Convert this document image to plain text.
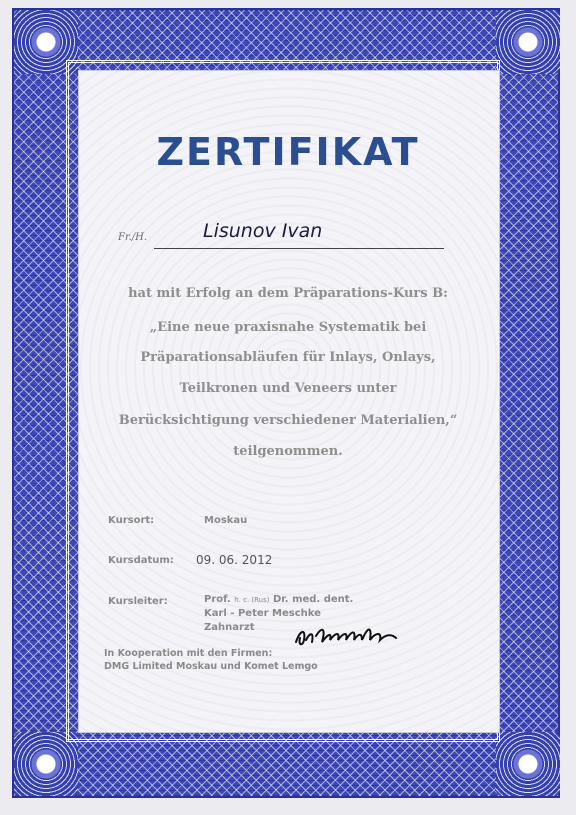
ZERTIFIKAT
Fr./H.	Lisunov Ivan
hat mit Erfolg an dem Präparations-Kurs B:
„Eine neue praxisnahe Systematik bei
Präparationsabläufen für Inlays, Onlays,
Teilkronen und Veneers unter
Berücksichtigung verschiedener Materialien,“
teilgenommen.
Kursort:	Moskau
Kursdatum: 09. 06. 2012
Kursleiter:	Prof. h. c. (Rus) Dr. med. dent.
Karl - Peter Meschke
Zahnarzt
In Kooperation mit den Firmen:
DMG Limited Moskau und Komet Lemgo
